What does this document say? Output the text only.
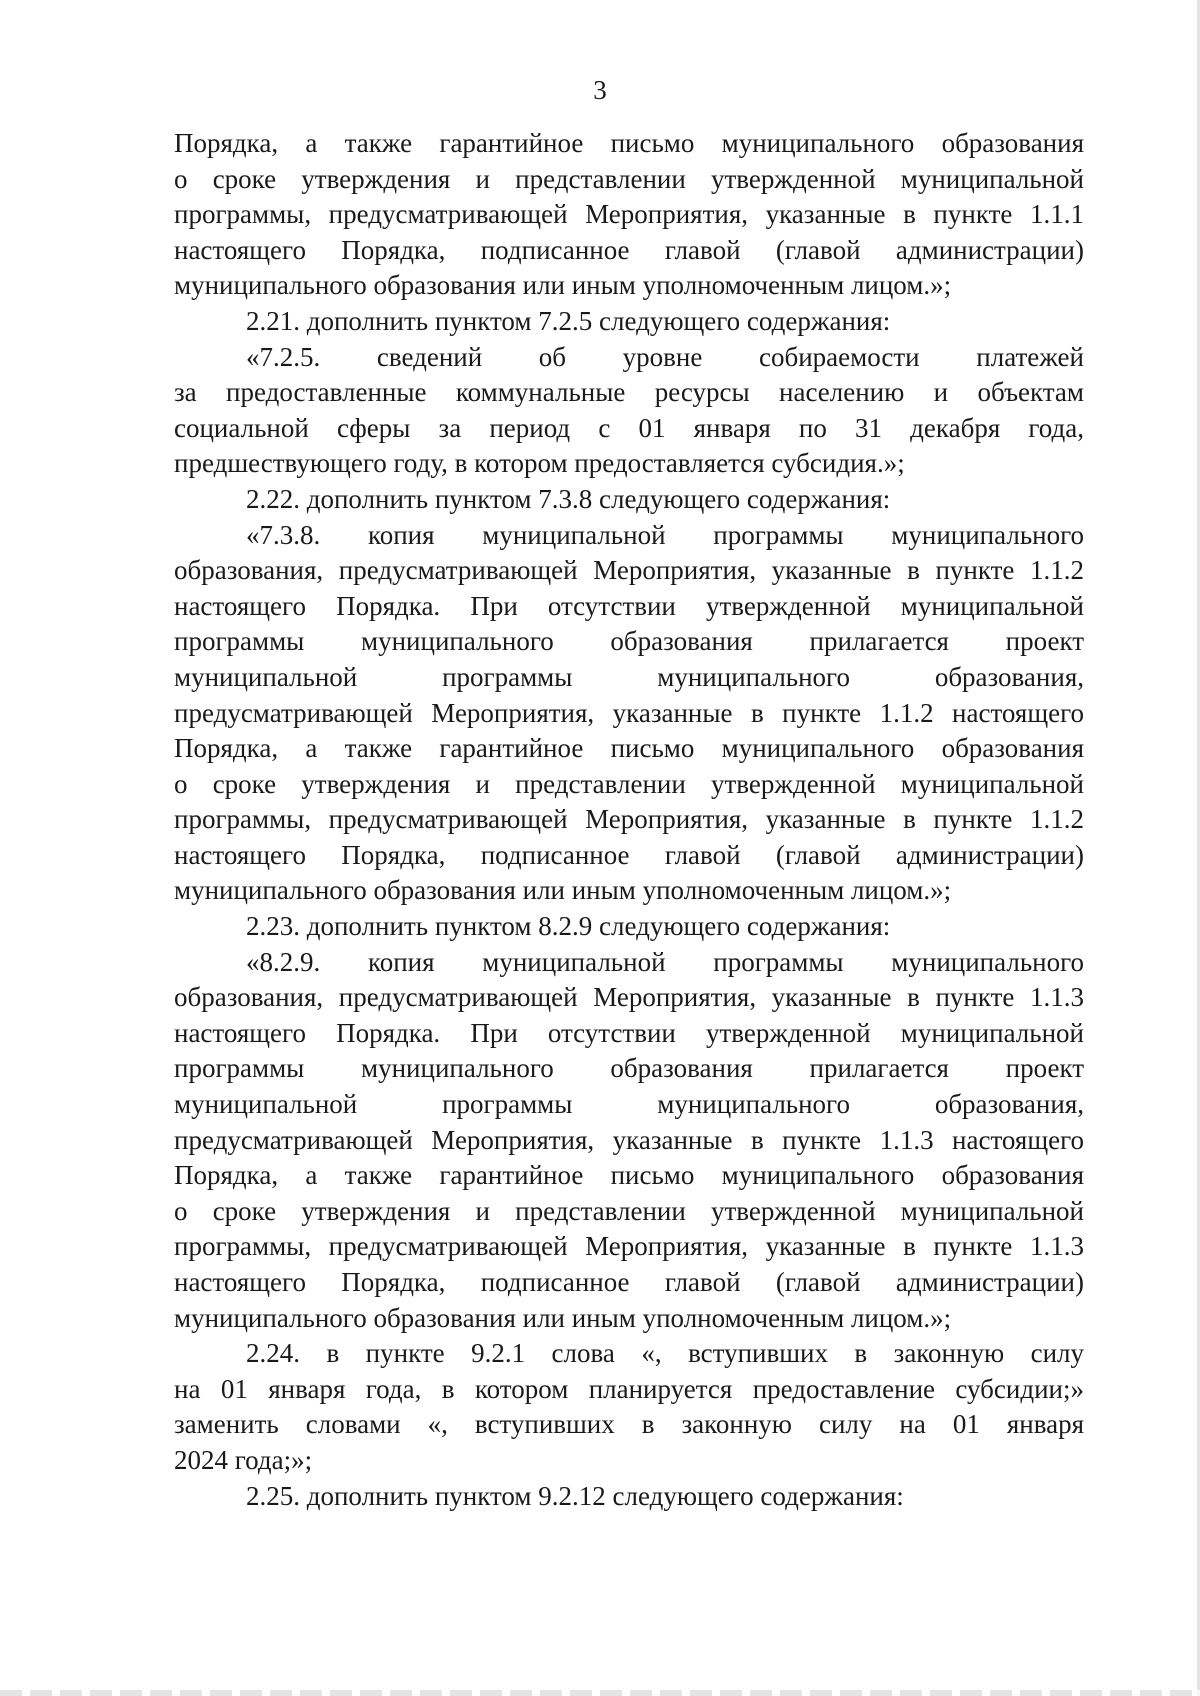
3
Порядка, а также гарантийное письмо муниципального образования
о сроке утверждения и представлении утвержденной муниципальной
программы, предусматривающей Мероприятия, указанные в пункте 1.1.1
настоящего Порядка, подписанное главой (главой администрации)
муниципального образования или иным уполномоченным лицом.»;
2.21. дополнить пунктом 7.2.5 следующего содержания:
«7.2.5. сведений об уровне собираемости платежей
за предоставленные коммунальные ресурсы населению и объектам
социальной сферы за период с 01 января по 31 декабря года,
предшествующего году, в котором предоставляется субсидия.»;
2.22. дополнить пунктом 7.3.8 следующего содержания:
«7.3.8. копия муниципальной программы муниципального
образования, предусматривающей Мероприятия, указанные в пункте 1.1.2
настоящего Порядка. При отсутствии утвержденной муниципальной
программы муниципального образования прилагается проект
муниципальной программы муниципального образования,
предусматривающей Мероприятия, указанные в пункте 1.1.2 настоящего
Порядка, а также гарантийное письмо муниципального образования
о сроке утверждения и представлении утвержденной муниципальной
программы, предусматривающей Мероприятия, указанные в пункте 1.1.2
настоящего Порядка, подписанное главой (главой администрации)
муниципального образования или иным уполномоченным лицом.»;
2.23. дополнить пунктом 8.2.9 следующего содержания:
«8.2.9. копия муниципальной программы муниципального
образования, предусматривающей Мероприятия, указанные в пункте 1.1.3
настоящего Порядка. При отсутствии утвержденной муниципальной
программы муниципального образования прилагается проект
муниципальной программы муниципального образования,
предусматривающей Мероприятия, указанные в пункте 1.1.3 настоящего
Порядка, а также гарантийное письмо муниципального образования
о сроке утверждения и представлении утвержденной муниципальной
программы, предусматривающей Мероприятия, указанные в пункте 1.1.3
настоящего Порядка, подписанное главой (главой администрации)
муниципального образования или иным уполномоченным лицом.»;
2.24. в пункте 9.2.1 слова «, вступивших в законную силу
на 01 января года, в котором планируется предоставление субсидии;»
заменить словами «, вступивших в законную силу на 01 января
2024 года;»;
2.25. дополнить пунктом 9.2.12 следующего содержания:
